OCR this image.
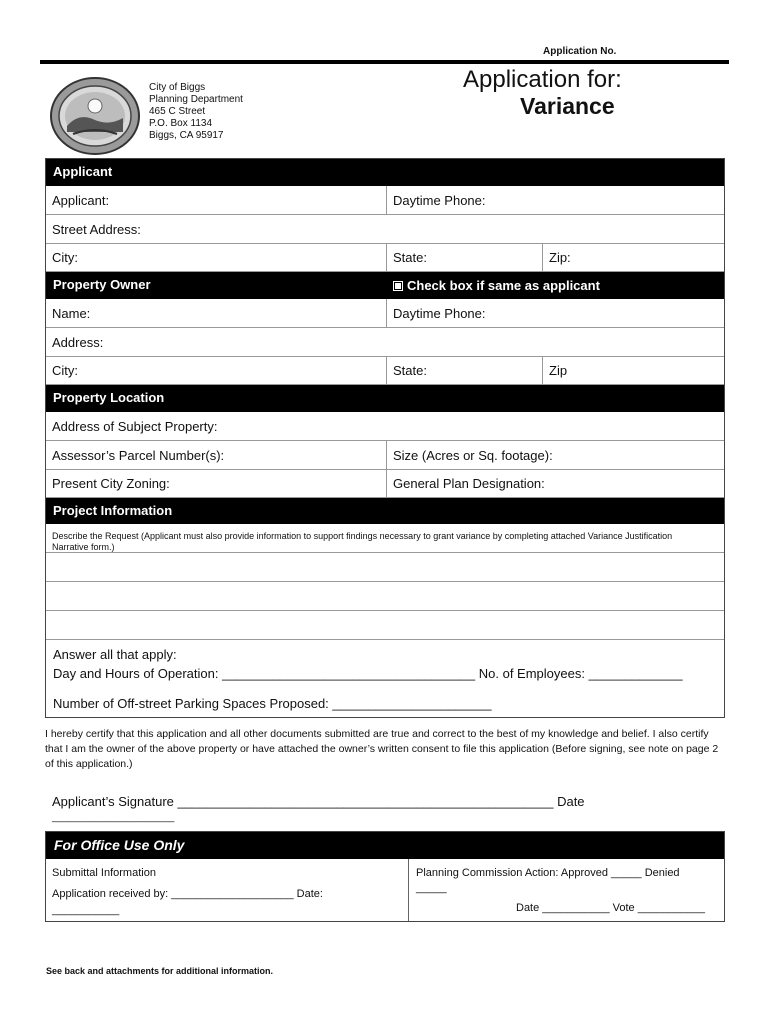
Application No.
City of Biggs
Planning Department
465 C Street
P.O. Box 1134
Biggs, CA 95917
Application for:
Variance
Applicant
Applicant:	Daytime Phone:
Street Address:
City:	State:	Zip:
Property Owner	Check box if same as applicant
Name:	Daytime Phone:
Address:
City:	State:	Zip
Property Location
Address of Subject Property:
Assessor’s Parcel Number(s):	Size (Acres or Sq. footage):
Present City Zoning:	General Plan Designation:
Project Information
Describe the Request (Applicant must also provide information to support findings necessary to grant variance by completing attached Variance Justification Narrative form.)
Answer all that apply:
Day and Hours of Operation: ___________________________________ No. of Employees: _____________
Number of Off-street Parking Spaces Proposed: ______________________
I hereby certify that this application and all other documents submitted are true and correct to the best of my knowledge and belief. I also certify that I am the owner of the above property or have attached the owner’s written consent to file this application (Before signing, see note on page 2 of this application.)
Applicant’s Signature ____________________________________________________ Date
______________________
For Office Use Only
Submittal Information
Application received by: ____________________ Date:
___________
Planning Commission Action: Approved _____ Denied
_____
Date ___________ Vote ___________
See back and attachments for additional information.
